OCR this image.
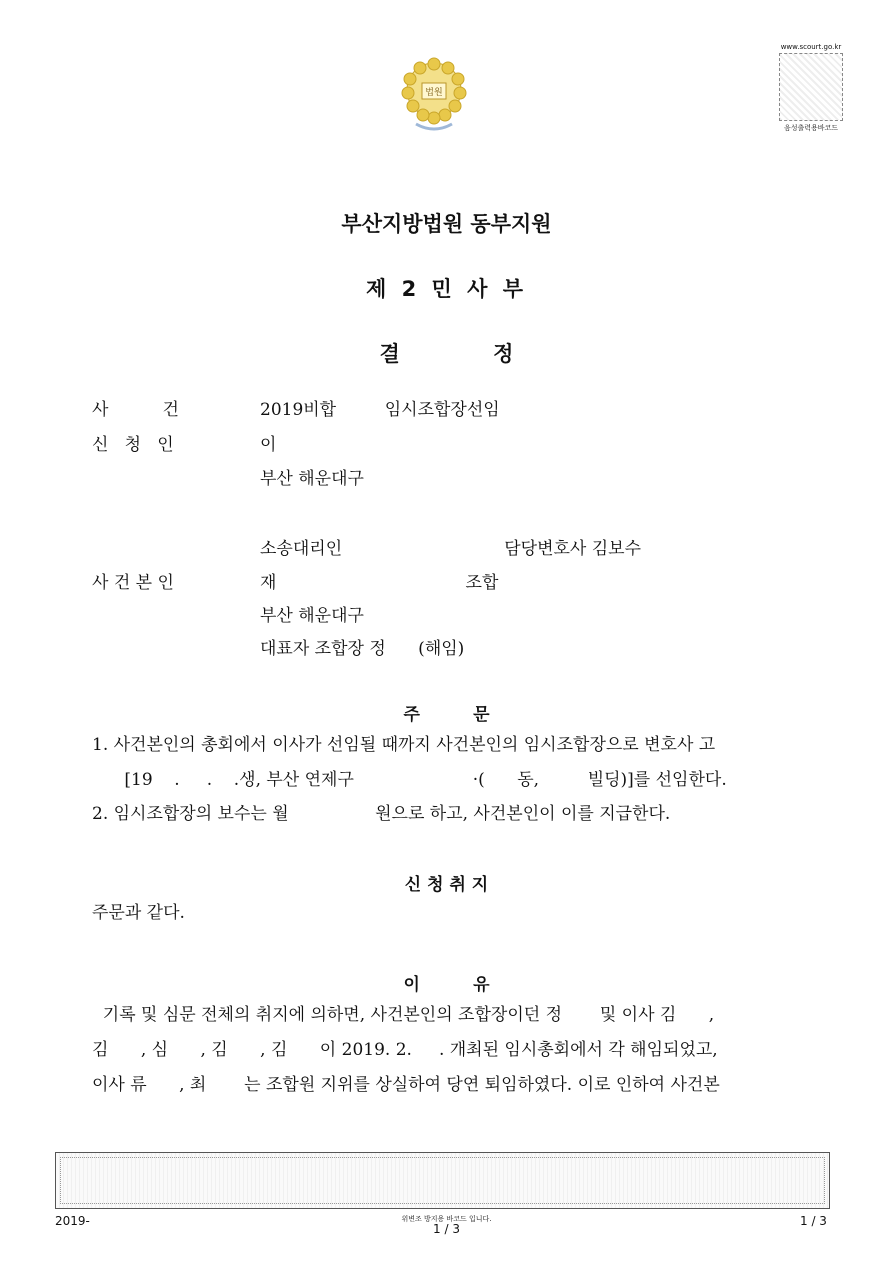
법원
www.scourt.go.kr
음성출력용바코드
부산지방법원 동부지원
제 2 민 사 부
결 정
사          건	2019비합         임시조합장선임
신   청   인	이
부산 해운대구
소송대리인                              담당변호사 김보수
사 건 본 인	재                                   조합
부산 해운대구
대표자 조합장 정      (해임)
주         문
1. 사건본인의 총회에서 이사가 선임될 때까지 사건본인의 임시조합장으로 변호사 고
[19    .     .    .생, 부산 연제구                      ·(      동,         빌딩)]를 선임한다.
2. 임시조합장의 보수는 월                원으로 하고, 사건본인이 이를 지급한다.
신 청 취 지
주문과 같다.
이         유
기록 및 심문 전체의 취지에 의하면, 사건본인의 조합장이던 정       및 이사 김      ,
김      , 심      , 김      , 김      이 2019. 2.     . 개최된 임시총회에서 각 해임되었고,
이사 류      , 최       는 조합원 지위를 상실하여 당연 퇴임하였다. 이로 인하여 사건본
2019-	위변조 방지용 바코드 입니다.
1 / 3
1 / 3
